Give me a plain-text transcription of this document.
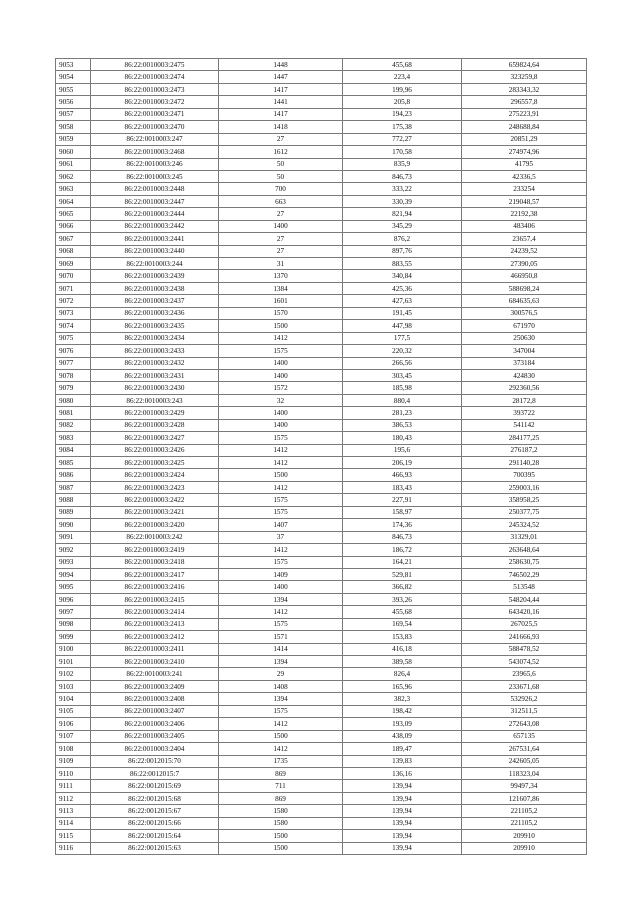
9053	86:22:0010003:2475	1448	455,68	659824,64
9054	86:22:0010003:2474	1447	223,4	323259,8
9055	86:22:0010003:2473	1417	199,96	283343,32
9056	86:22:0010003:2472	1441	205,8	296557,8
9057	86:22:0010003:2471	1417	194,23	275223,91
9058	86:22:0010003:2470	1418	175,38	248688,84
9059	86:22:0010003:247	27	772,27	20851,29
9060	86:22:0010003:2468	1612	170,58	274974,96
9061	86:22:0010003:246	50	835,9	41795
9062	86:22:0010003:245	50	846,73	42336,5
9063	86:22:0010003:2448	700	333,22	233254
9064	86:22:0010003:2447	663	330,39	219048,57
9065	86:22:0010003:2444	27	821,94	22192,38
9066	86:22:0010003:2442	1400	345,29	483406
9067	86:22:0010003:2441	27	876,2	23657,4
9068	86:22:0010003:2440	27	897,76	24239,52
9069	86:22:0010003:244	31	883,55	27390,05
9070	86:22:0010003:2439	1370	340,84	466950,8
9071	86:22:0010003:2438	1384	425,36	588698,24
9072	86:22:0010003:2437	1601	427,63	684635,63
9073	86:22:0010003:2436	1570	191,45	300576,5
9074	86:22:0010003:2435	1500	447,98	671970
9075	86:22:0010003:2434	1412	177,5	250630
9076	86:22:0010003:2433	1575	220,32	347004
9077	86:22:0010003:2432	1400	266,56	373184
9078	86:22:0010003:2431	1400	303,45	424830
9079	86:22:0010003:2430	1572	185,98	292360,56
9080	86:22:0010003:243	32	880,4	28172,8
9081	86:22:0010003:2429	1400	281,23	393722
9082	86:22:0010003:2428	1400	386,53	541142
9083	86:22:0010003:2427	1575	180,43	284177,25
9084	86:22:0010003:2426	1412	195,6	276187,2
9085	86:22:0010003:2425	1412	206,19	291140,28
9086	86:22:0010003:2424	1500	466,93	700395
9087	86:22:0010003:2423	1412	183,43	259003,16
9088	86:22:0010003:2422	1575	227,91	358958,25
9089	86:22:0010003:2421	1575	158,97	250377,75
9090	86:22:0010003:2420	1407	174,36	245324,52
9091	86:22:0010003:242	37	846,73	31329,01
9092	86:22:0010003:2419	1412	186,72	263648,64
9093	86:22:0010003:2418	1575	164,21	258630,75
9094	86:22:0010003:2417	1409	529,81	746502,29
9095	86:22:0010003:2416	1400	366,82	513548
9096	86:22:0010003:2415	1394	393,26	548204,44
9097	86:22:0010003:2414	1412	455,68	643420,16
9098	86:22:0010003:2413	1575	169,54	267025,5
9099	86:22:0010003:2412	1571	153,83	241666,93
9100	86:22:0010003:2411	1414	416,18	588478,52
9101	86:22:0010003:2410	1394	389,58	543074,52
9102	86:22:0010003:241	29	826,4	23965,6
9103	86:22:0010003:2409	1408	165,96	233671,68
9104	86:22:0010003:2408	1394	382,3	532926,2
9105	86:22:0010003:2407	1575	198,42	312511,5
9106	86:22:0010003:2406	1412	193,09	272643,08
9107	86:22:0010003:2405	1500	438,09	657135
9108	86:22:0010003:2404	1412	189,47	267531,64
9109	86:22:0012015:70	1735	139,83	242605,05
9110	86:22:0012015:7	869	136,16	118323,04
9111	86:22:0012015:69	711	139,94	99497,34
9112	86:22:0012015:68	869	139,94	121607,86
9113	86:22:0012015:67	1580	139,94	221105,2
9114	86:22:0012015:66	1580	139,94	221105,2
9115	86:22:0012015:64	1500	139,94	209910
9116	86:22:0012015:63	1500	139,94	209910
